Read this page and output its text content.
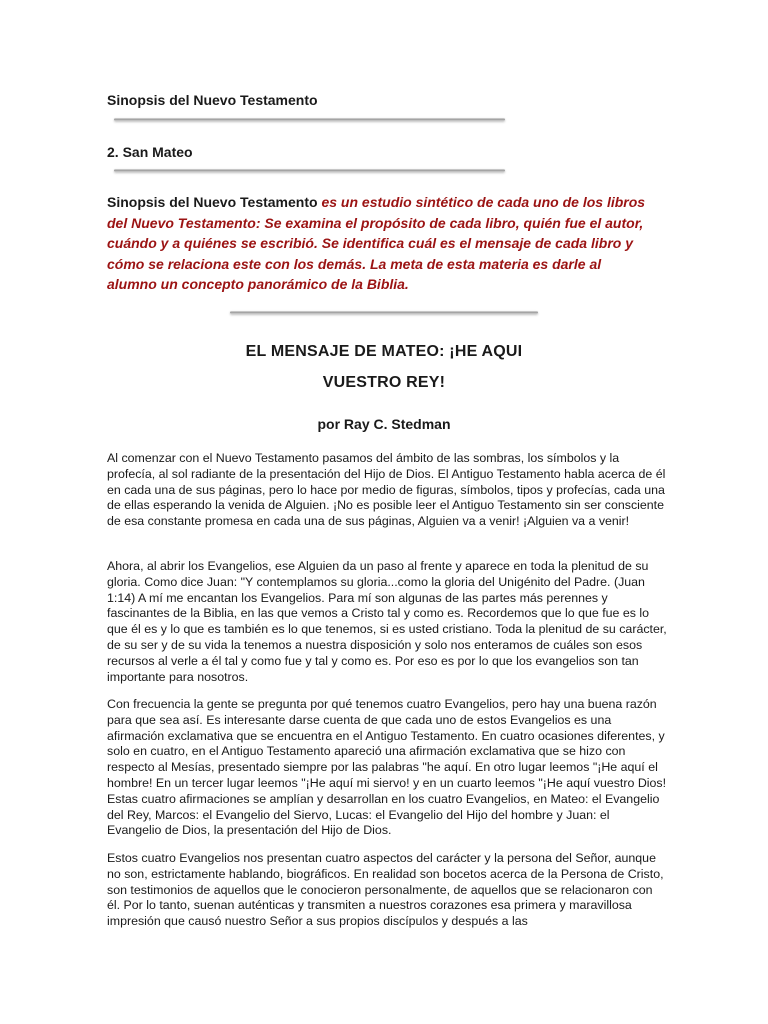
Sinopsis del Nuevo Testamento

2. San Mateo

Sinopsis del Nuevo Testamento es un estudio sintético de cada uno de los libros del Nuevo Testamento: Se examina el propósito de cada libro, quién fue el autor, cuándo y a quiénes se escribió. Se identifica cuál es el mensaje de cada libro y cómo se relaciona este con los demás. La meta de esta materia es darle al alumno un concepto panorámico de la Biblia.

EL MENSAJE DE MATEO: ¡HE AQUI

VUESTRO REY!

por Ray C. Stedman

Al comenzar con el Nuevo Testamento pasamos del ámbito de las sombras, los símbolos y la profecía, al sol radiante de la presentación del Hijo de Dios. El Antiguo Testamento habla acerca de él en cada una de sus páginas, pero lo hace por medio de figuras, símbolos, tipos y profecías, cada una de ellas esperando la venida de Alguien. ¡No es posible leer el Antiguo Testamento sin ser consciente de esa constante promesa en cada una de sus páginas, Alguien va a venir! ¡Alguien va a venir!

Ahora, al abrir los Evangelios, ese Alguien da un paso al frente y aparece en toda la plenitud de su gloria. Como dice Juan: "Y contemplamos su gloria...como la gloria del Unigénito del Padre. (Juan 1:14) A mí me encantan los Evangelios. Para mí son algunas de las partes más perennes y fascinantes de la Biblia, en las que vemos a Cristo tal y como es. Recordemos que lo que fue es lo que él es y lo que es también es lo que tenemos, si es usted cristiano. Toda la plenitud de su carácter, de su ser y de su vida la tenemos a nuestra disposición y solo nos enteramos de cuáles son esos recursos al verle a él tal y como fue y tal y como es. Por eso es por lo que los evangelios son tan importante para nosotros.

Con frecuencia la gente se pregunta por qué tenemos cuatro Evangelios, pero hay una buena razón para que sea así. Es interesante darse cuenta de que cada uno de estos Evangelios es una afirmación exclamativa que se encuentra en el Antiguo Testamento. En cuatro ocasiones diferentes, y solo en cuatro, en el Antiguo Testamento apareció una afirmación exclamativa que se hizo con respecto al Mesías, presentado siempre por las palabras "he aquí. En otro lugar leemos "¡He aquí el hombre! En un tercer lugar leemos "¡He aquí mi siervo! y en un cuarto leemos "¡He aquí vuestro Dios! Estas cuatro afirmaciones se amplían y desarrollan en los cuatro Evangelios, en Mateo: el Evangelio del Rey, Marcos: el Evangelio del Siervo, Lucas: el Evangelio del Hijo del hombre y Juan: el Evangelio de Dios, la presentación del Hijo de Dios.

Estos cuatro Evangelios nos presentan cuatro aspectos del carácter y la persona del Señor, aunque no son, estrictamente hablando, biográficos. En realidad son bocetos acerca de la Persona de Cristo, son testimonios de aquellos que le conocieron personalmente, de aquellos que se relacionaron con él. Por lo tanto, suenan auténticas y transmiten a nuestros corazones esa primera y maravillosa impresión que causó nuestro Señor a sus propios discípulos y después a las
